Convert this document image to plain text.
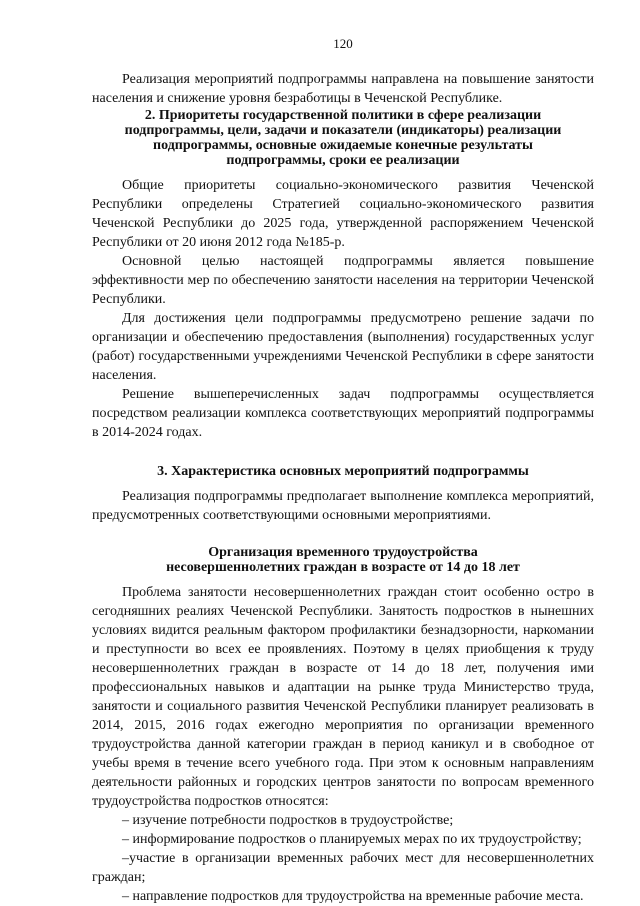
120

Реализация мероприятий подпрограммы направлена на повышение занятости населения и снижение уровня безработицы в Чеченской Республике.

2. Приоритеты государственной политики в сфере реализации
подпрограммы, цели, задачи и показатели (индикаторы) реализации
подпрограммы, основные ожидаемые конечные результаты
подпрограммы, сроки ее реализации

Общие приоритеты социально-экономического развития Чеченской Республики определены Стратегией социально-экономического развития Чеченской Республики до 2025 года, утвержденной распоряжением Чеченской Республики от 20 июня 2012 года №185-р.

Основной целью настоящей подпрограммы является повышение эффективности мер по обеспечению занятости населения на территории Чеченской Республики.

Для достижения цели подпрограммы предусмотрено решение задачи по организации и обеспечению предоставления (выполнения) государственных услуг (работ) государственными учреждениями Чеченской Республики в сфере занятости населения.

Решение вышеперечисленных задач подпрограммы осуществляется посредством реализации комплекса соответствующих мероприятий подпрограммы в 2014-2024 годах.

3. Характеристика основных мероприятий подпрограммы

Реализация подпрограммы предполагает выполнение комплекса мероприятий, предусмотренных соответствующими основными мероприятиями.

Организация временного трудоустройства
несовершеннолетних граждан в возрасте от 14 до 18 лет

Проблема занятости несовершеннолетних граждан стоит особенно остро в сегодняшних реалиях Чеченской Республики. Занятость подростков в нынешних условиях видится реальным фактором профилактики безнадзорности, наркомании и преступности во всех ее проявлениях. Поэтому в целях приобщения к труду несовершеннолетних граждан в возрасте от 14 до 18 лет, получения ими профессиональных навыков и адаптации на рынке труда Министерство труда, занятости и социального развития Чеченской Республики планирует реализовать в 2014, 2015, 2016 годах ежегодно мероприятия по организации временного трудоустройства данной категории граждан в период каникул и в свободное от учебы время в течение всего учебного года. При этом к основным направлениям деятельности районных и городских центров занятости по вопросам временного трудоустройства подростков относятся:

– изучение потребности подростков в трудоустройстве;

– информирование подростков о планируемых мерах по их трудоустройству;

–участие в организации временных рабочих мест для несовершеннолетних граждан;

– направление подростков для трудоустройства на временные рабочие места.
